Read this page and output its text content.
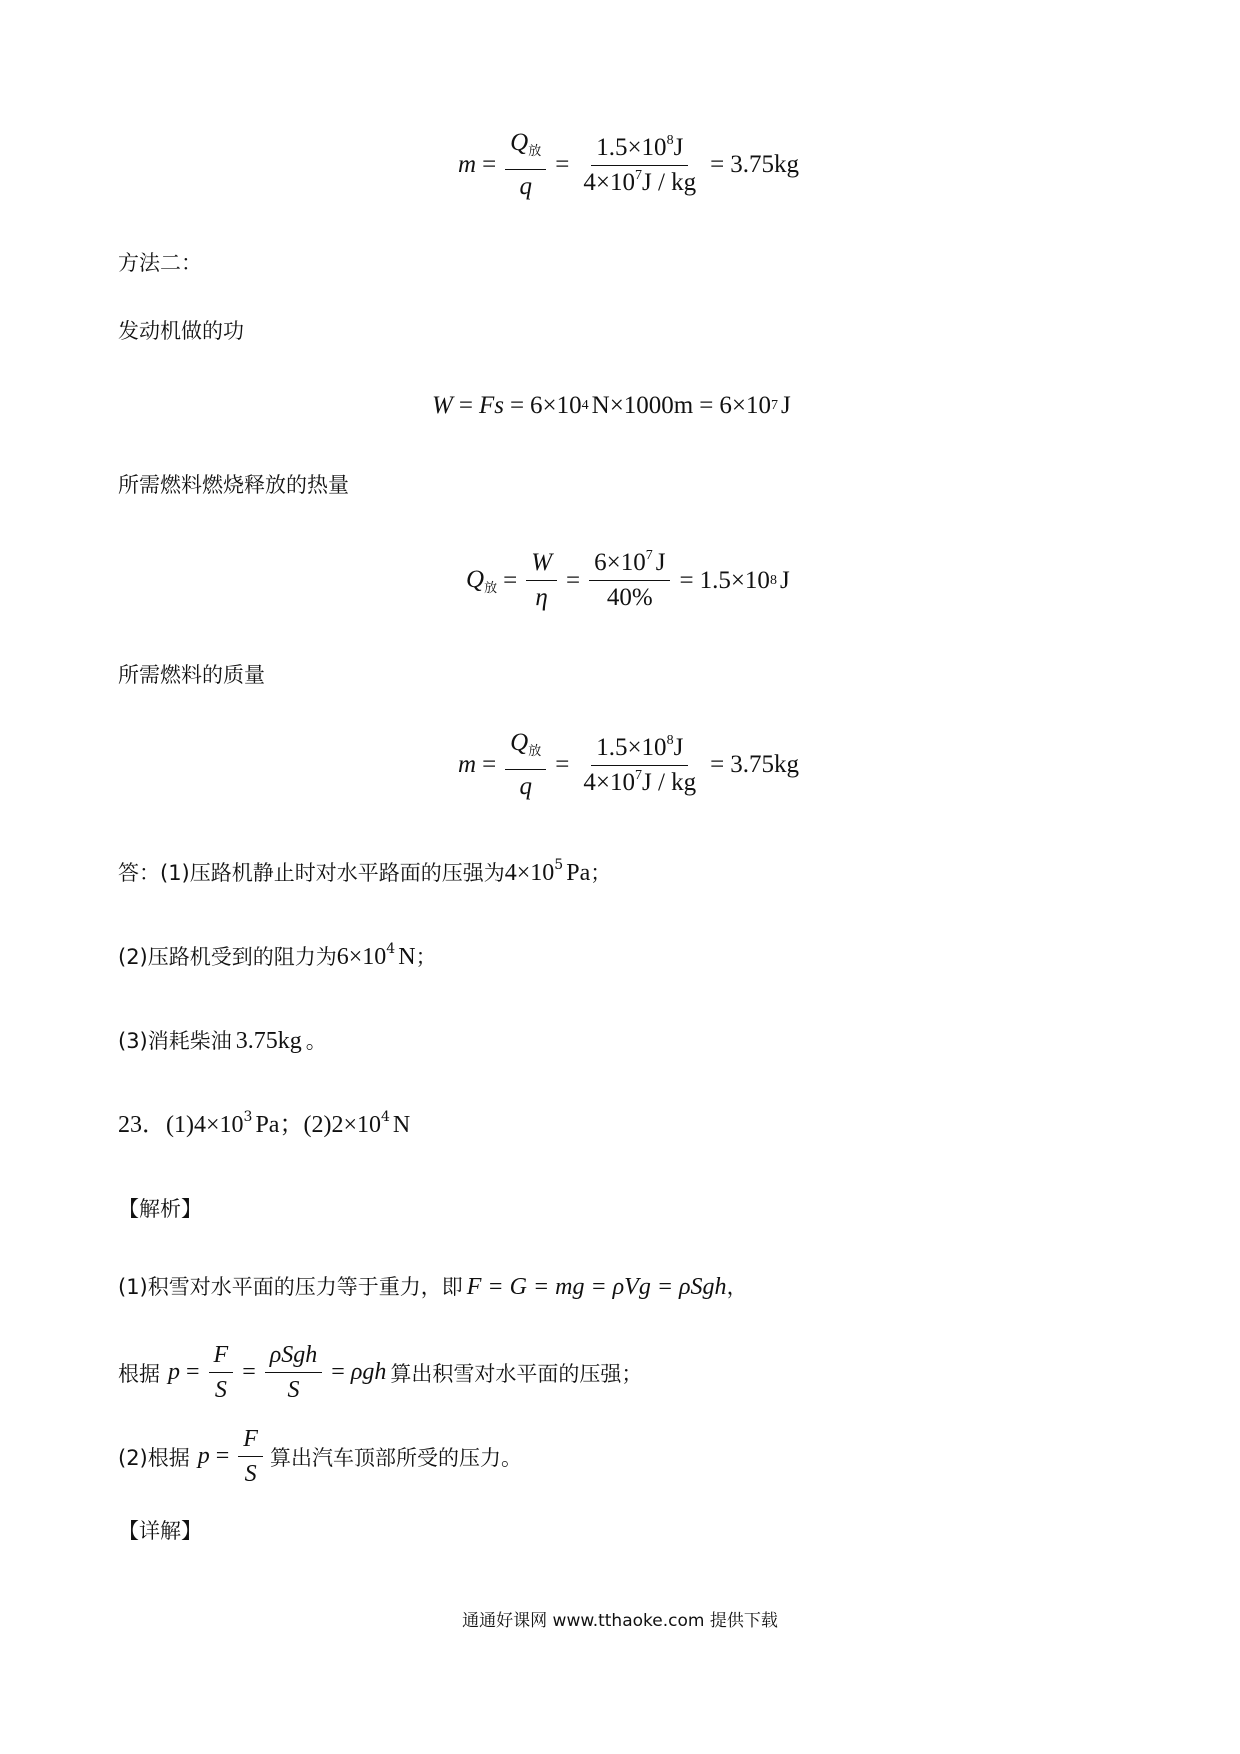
$m = \frac{Q_放}{q} = \frac{1.5\times 10^8J}{4\times 10^7J / kg} = 3.75kg$
方法二：
发动机做的功
W = Fs = 6×10 4 N×1000m = 6×10 7 J
所需燃料燃烧释放的热量
$Q_放 = \frac{W}{\eta} = \frac{6\times 10^7 J}{40\%} = 1.5\times 10$ 8 J
所需燃料的质量
$m = \frac{Q_放}{q} = \frac{1.5\times 10^8J}{4\times 10^7J / kg} = 3.75kg$
答：(1)压路机静止时对水平路面的压强为$4\times 10^5$ Pa；
(2)压路机受到的阻力为$6\times 10^4$ N；
(3)消耗柴油 3.75kg 。
23．$(1)4\times 10^3$ Pa；$(2)2\times 10^4$ N
【解析】
(1)积雪对水平面的压力等于重力，即 F = G = mg = ρVg = ρSgh，
根据 $p = \frac{F}{S} = \frac{\text{ρSgh}}{S} = \rho gh$ 算出积雪对水平面的压强；
(2)根据 $p = \frac{F}{S}$ 算出汽车顶部所受的压力。
【详解】
通通好课网 www.tthaoke.com 提供下载
